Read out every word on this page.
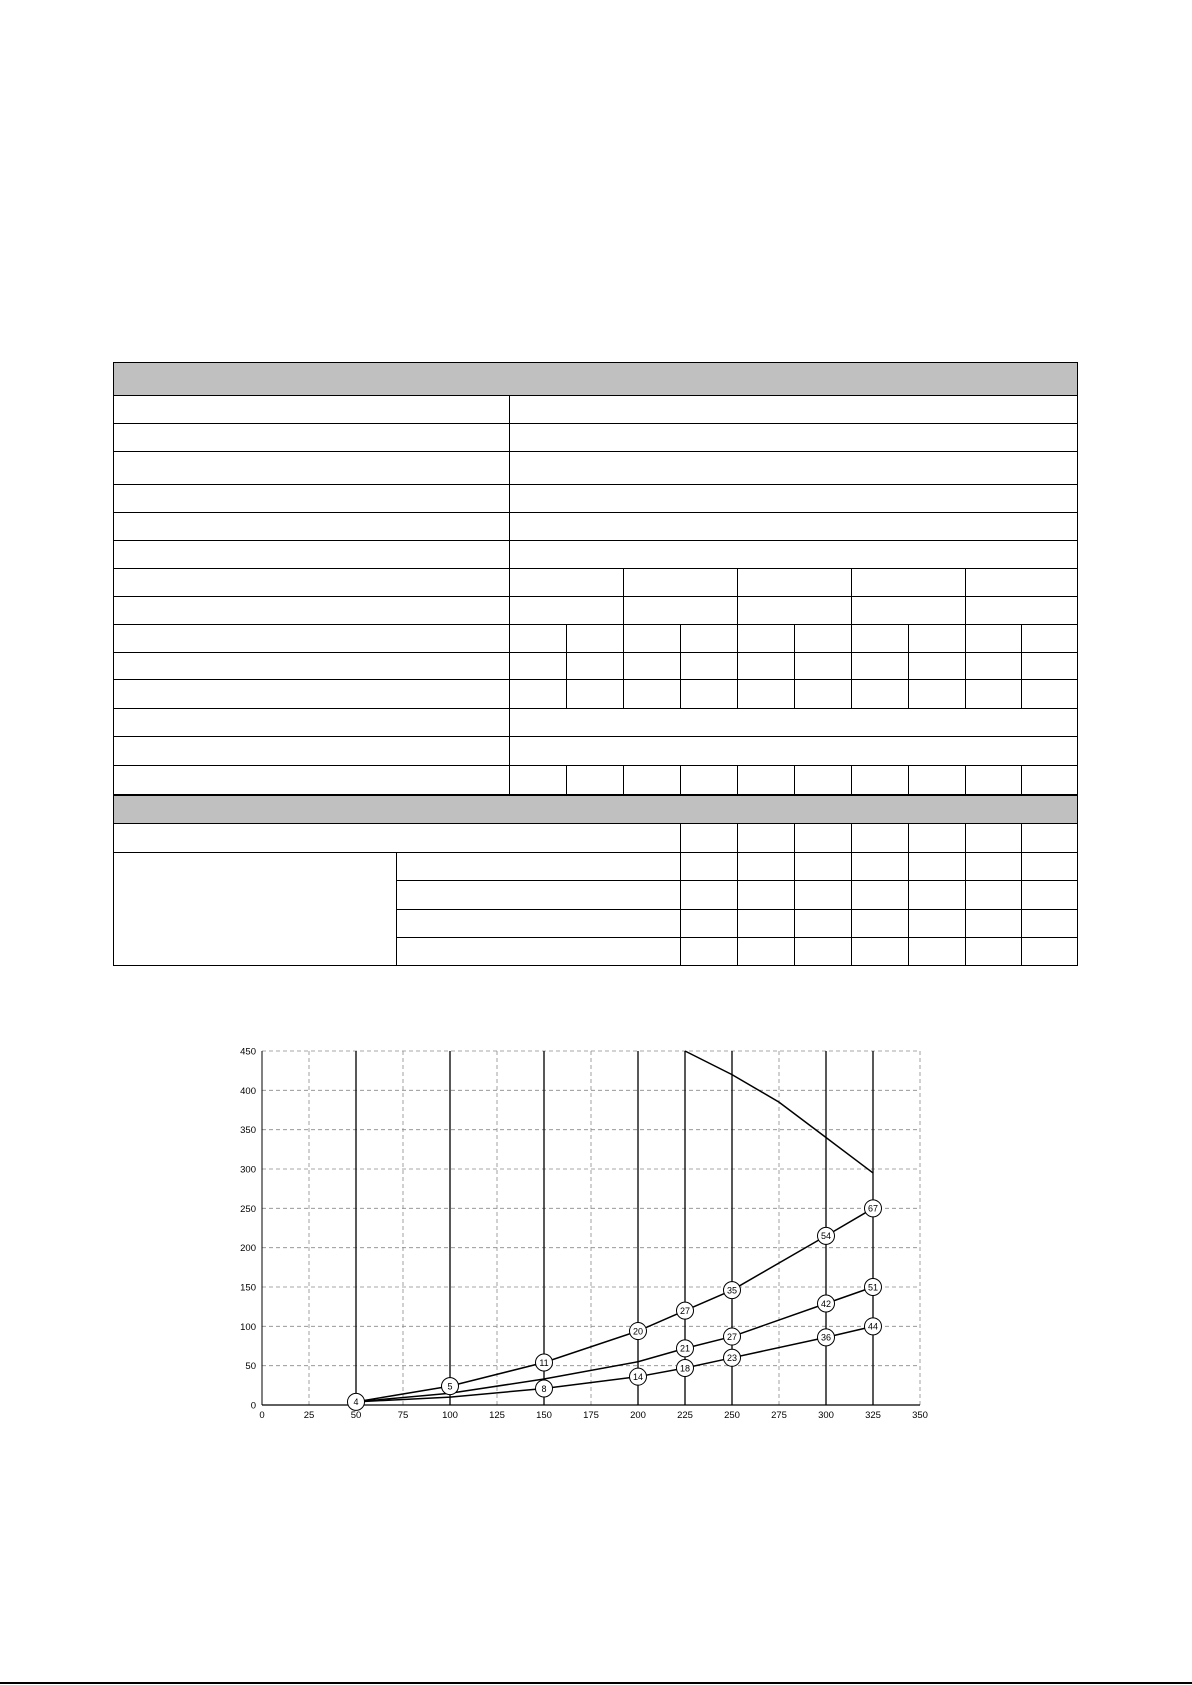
0
50
100
150
200
250
300
350
400
450
0	25	50	75	100	125	150	175	200	225	250	275	300	325	350
4
5
11
20
27
35
54
67
21
27
42
51
8
14
18
23
36
44
